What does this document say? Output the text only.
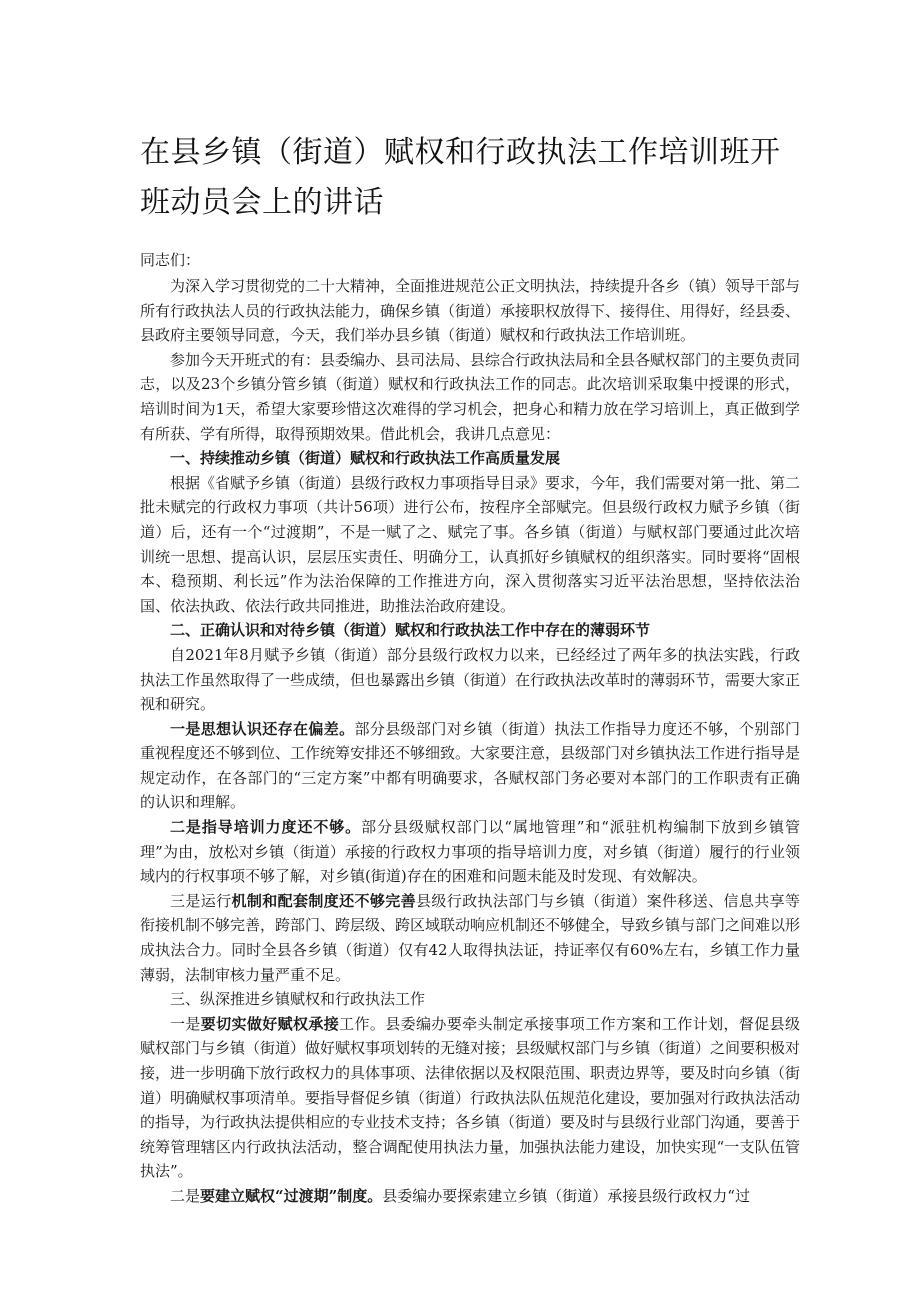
在县乡镇（街道）赋权和行政执法工作培训班开班动员会上的讲话

同志们：

为深入学习贯彻党的二十大精神，全面推进规范公正文明执法，持续提升各乡（镇）领导干部与所有行政执法人员的行政执法能力，确保乡镇（街道）承接职权放得下、接得住、用得好，经县委、县政府主要领导同意，今天，我们举办县乡镇（街道）赋权和行政执法工作培训班。

参加今天开班式的有：县委编办、县司法局、县综合行政执法局和全县各赋权部门的主要负责同志，以及23个乡镇分管乡镇（街道）赋权和行政执法工作的同志。此次培训采取集中授课的形式，培训时间为1天，希望大家要珍惜这次难得的学习机会，把身心和精力放在学习培训上，真正做到学有所获、学有所得，取得预期效果。借此机会，我讲几点意见：

一、持续推动乡镇（街道）赋权和行政执法工作高质量发展

根据《省赋予乡镇（街道）县级行政权力事项指导目录》要求，今年，我们需要对第一批、第二批未赋完的行政权力事项（共计56项）进行公布，按程序全部赋完。但县级行政权力赋予乡镇（街道）后，还有一个“过渡期”，不是一赋了之、赋完了事。各乡镇（街道）与赋权部门要通过此次培训统一思想、提高认识，层层压实责任、明确分工，认真抓好乡镇赋权的组织落实。同时要将“固根本、稳预期、利长远”作为法治保障的工作推进方向，深入贯彻落实习近平法治思想，坚持依法治国、依法执政、依法行政共同推进，助推法治政府建设。

二、正确认识和对待乡镇（街道）赋权和行政执法工作中存在的薄弱环节

自2021年8月赋予乡镇（街道）部分县级行政权力以来，已经经过了两年多的执法实践，行政执法工作虽然取得了一些成绩，但也暴露出乡镇（街道）在行政执法改革时的薄弱环节，需要大家正视和研究。

一是思想认识还存在偏差。部分县级部门对乡镇（街道）执法工作指导力度还不够，个别部门重视程度还不够到位、工作统筹安排还不够细致。大家要注意，县级部门对乡镇执法工作进行指导是规定动作，在各部门的“三定方案”中都有明确要求，各赋权部门务必要对本部门的工作职责有正确的认识和理解。

二是指导培训力度还不够。部分县级赋权部门以“属地管理”和“派驻机构编制下放到乡镇管理”为由，放松对乡镇（街道）承接的行政权力事项的指导培训力度，对乡镇（街道）履行的行业领域内的行权事项不够了解，对乡镇(街道)存在的困难和问题未能及时发现、有效解决。

三是运行机制和配套制度还不够完善县级行政执法部门与乡镇（街道）案件移送、信息共享等衔接机制不够完善，跨部门、跨层级、跨区域联动响应机制还不够健全，导致乡镇与部门之间难以形成执法合力。同时全县各乡镇（街道）仅有42人取得执法证，持证率仅有60%左右，乡镇工作力量薄弱，法制审核力量严重不足。

三、纵深推进乡镇赋权和行政执法工作

一是要切实做好赋权承接工作。县委编办要牵头制定承接事项工作方案和工作计划，督促县级赋权部门与乡镇（街道）做好赋权事项划转的无缝对接；县级赋权部门与乡镇（街道）之间要积极对接，进一步明确下放行政权力的具体事项、法律依据以及权限范围、职责边界等，要及时向乡镇（街道）明确赋权事项清单。要指导督促乡镇（街道）行政执法队伍规范化建设，要加强对行政执法活动的指导，为行政执法提供相应的专业技术支持；各乡镇（街道）要及时与县级行业部门沟通，要善于统筹管理辖区内行政执法活动，整合调配使用执法力量，加强执法能力建设，加快实现“一支队伍管执法”。

二是要建立赋权“过渡期”制度。县委编办要探索建立乡镇（街道）承接县级行政权力“过
